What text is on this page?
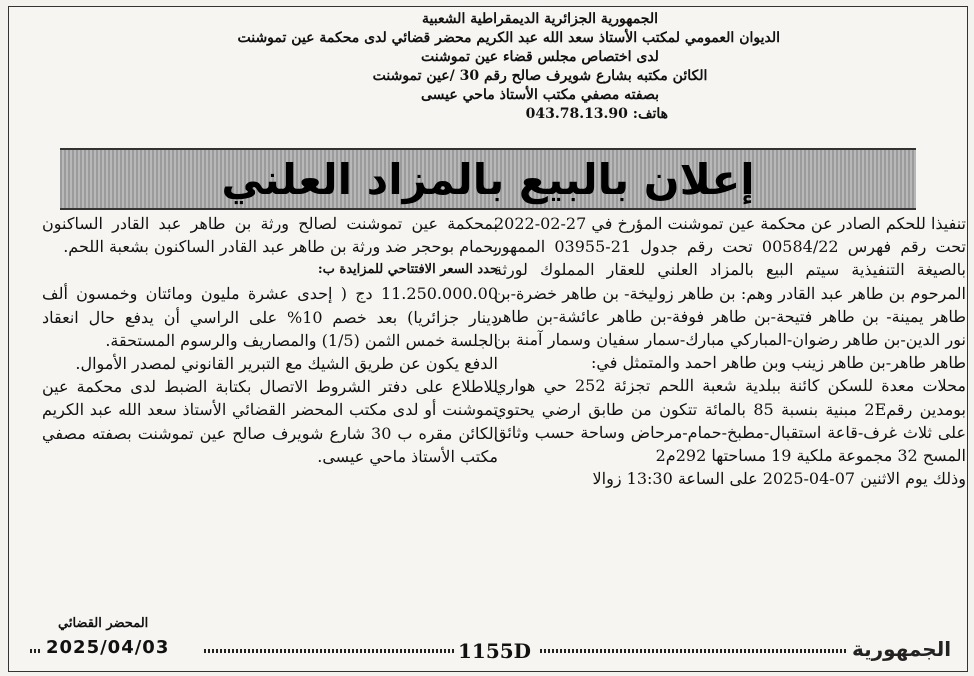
الجمهورية الجزائرية الديمقراطية الشعبية
الديوان العمومي لمكتب الأستاذ سعد الله عبد الكريم محضر قضائي لدى محكمة عين تموشنت
لدى اختصاص مجلس قضاء عين تموشنت
الكائن مكتبه بشارع شويرف صالح رقم 30 /عين تموشنت
بصفته مصفي مكتب الأستاذ ماحي عيسى
هاتف: 043.78.13.90
إعلان بالبيع بالمزاد العلني

تنفيذا للحكم الصادر عن محكمة عين تموشنت المؤرخ في 27-02-2022 تحت رقم فهرس 00584/22 تحت رقم جدول 21-03955 الممهور بالصيغة التنفيذية سيتم البيع بالمزاد العلني للعقار المملوك لورثة المرحوم بن طاهر عبد القادر وهم: بن طاهر زوليخة- بن طاهر خضرة-بن طاهر يمينة- بن طاهر فتيحة-بن طاهر فوفة-بن طاهر عائشة-بن طاهر نور الدين-بن طاهر رضوان-المباركي مبارك-سمار سفيان وسمار آمنة بن طاهر طاهر-بن طاهر زينب وبن طاهر احمد والمتمثل في:

محلات معدة للسكن كائنة ببلدية شعبة اللحم تجزئة 252 حي هواري بومدين رقم2E مبنية بنسبة 85 بالمائة تتكون من طابق ارضي يحتوي على ثلاث غرف-قاعة استقبال-مطبخ-حمام-مرحاض وساحة حسب وثائق المسح 32 مجموعة ملكية 19 مساحتها 292م2

وذلك يوم الاثنين 07-04-2025 على الساعة 13:30 زوالا

بمحكمة عين تموشنت لصالح ورثة بن طاهر عبد القادر الساكنون بحمام بوحجر ضد ورثة بن طاهر عبد القادر الساكنون بشعبة اللحم.

حدد السعر الافتتاحي للمزايدة ب:

11.250.000.00 دج ( إحدى عشرة مليون ومائتان وخمسون ألف دينار جزائريا) بعد خصم 10% على الراسي أن يدفع حال انعقاد الجلسة خمس الثمن (1/5) والمصاريف والرسوم المستحقة.

الدفع يكون عن طريق الشيك مع التبرير القانوني لمصدر الأموال.

للاطلاع على دفتر الشروط الاتصال بكتابة الضبط لدى محكمة عين تموشنت أو لدى مكتب المحضر القضائي الأستاذ سعد الله عبد الكريم الكائن مقره ب 30 شارع شويرف صالح عين تموشنت بصفته مصفي مكتب الأستاذ ماحي عيسى.

المحضر القضائي
2025/04/03	1155D	الجمهورية
